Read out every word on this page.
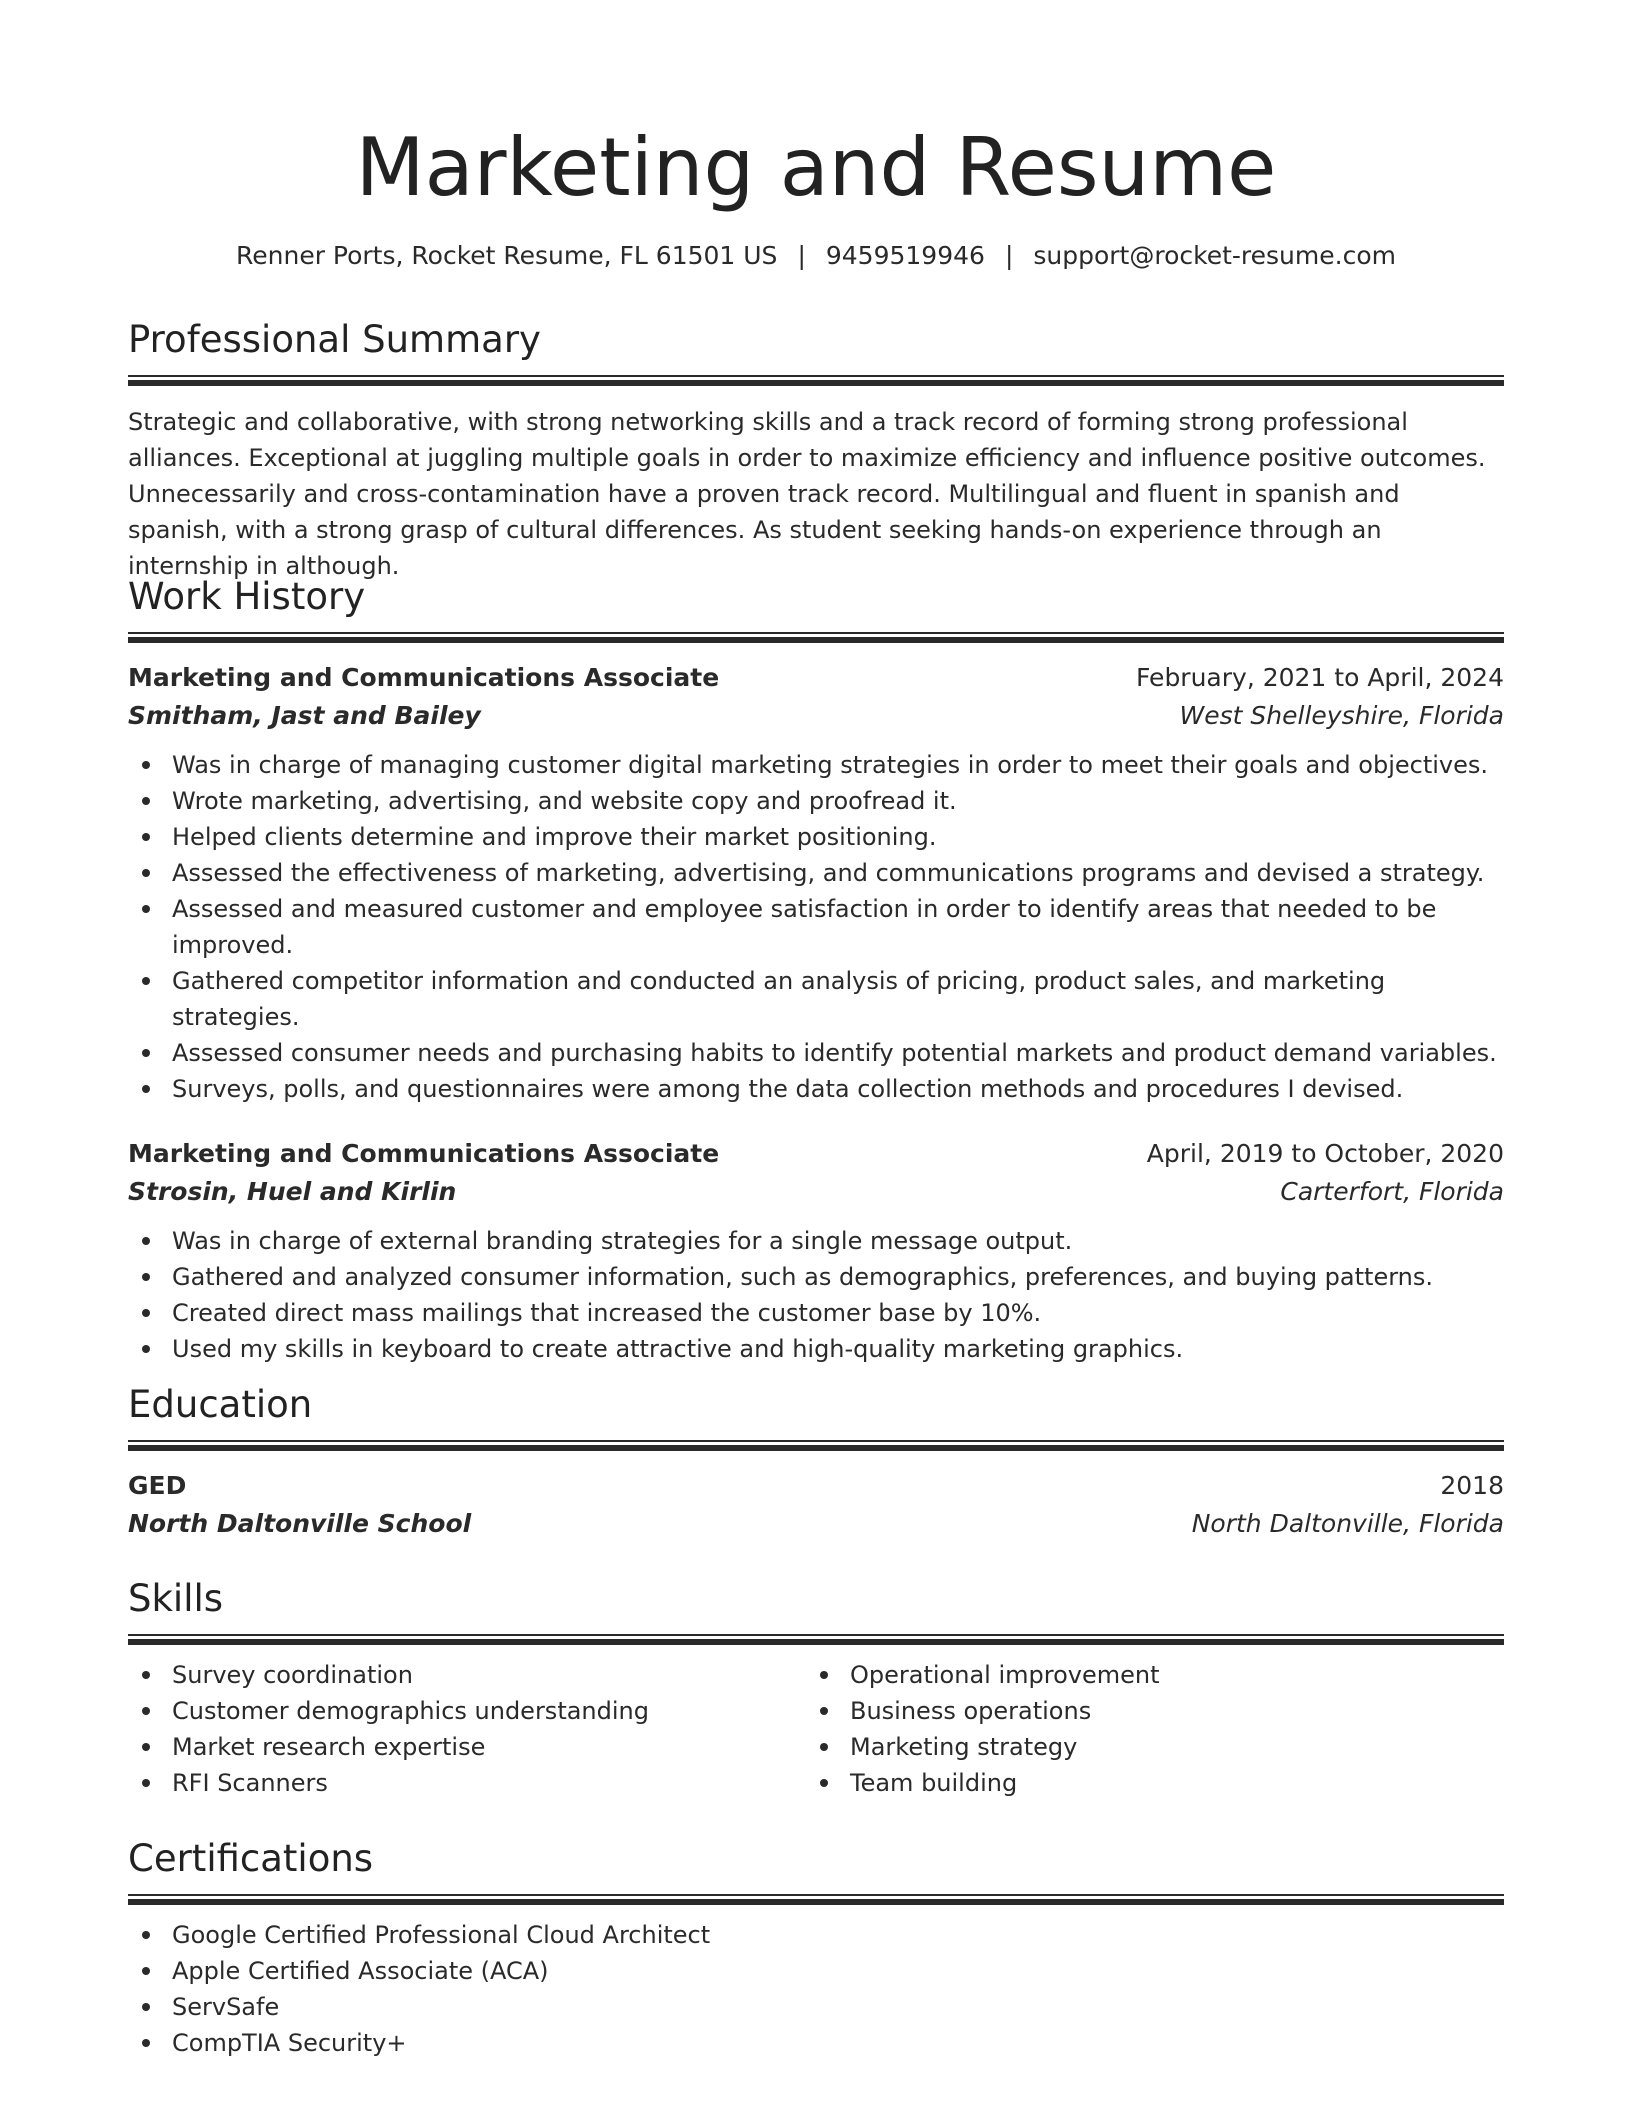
Marketing and Resume
Renner Ports, Rocket Resume, FL 61501 US | 9459519946 | support@rocket-resume.com
Professional Summary

Strategic and collaborative, with strong networking skills and a track record of forming strong professional alliances. Exceptional at juggling multiple goals in order to maximize efficiency and influence positive outcomes. Unnecessarily and cross-contamination have a proven track record. Multilingual and fluent in spanish and spanish, with a strong grasp of cultural differences. As student seeking hands-on experience through an internship in although.

Work History
Marketing and Communications Associate	February, 2021 to April, 2024
Smitham, Jast and Bailey	West Shelleyshire, Florida
Was in charge of managing customer digital marketing strategies in order to meet their goals and objectives.
Wrote marketing, advertising, and website copy and proofread it.
Helped clients determine and improve their market positioning.
Assessed the effectiveness of marketing, advertising, and communications programs and devised a strategy.
Assessed and measured customer and employee satisfaction in order to identify areas that needed to be improved.
Gathered competitor information and conducted an analysis of pricing, product sales, and marketing strategies.
Assessed consumer needs and purchasing habits to identify potential markets and product demand variables.
Surveys, polls, and questionnaires were among the data collection methods and procedures I devised.
Marketing and Communications Associate	April, 2019 to October, 2020
Strosin, Huel and Kirlin	Carterfort, Florida
Was in charge of external branding strategies for a single message output.
Gathered and analyzed consumer information, such as demographics, preferences, and buying patterns.
Created direct mass mailings that increased the customer base by 10%.
Used my skills in keyboard to create attractive and high-quality marketing graphics.
Education
GED	2018
North Daltonville School	North Daltonville, Florida
Skills
Survey coordination
Customer demographics understanding
Market research expertise
RFI Scanners
Operational improvement
Business operations
Marketing strategy
Team building
Certifications
Google Certified Professional Cloud Architect
Apple Certified Associate (ACA)
ServSafe
CompTIA Security+
